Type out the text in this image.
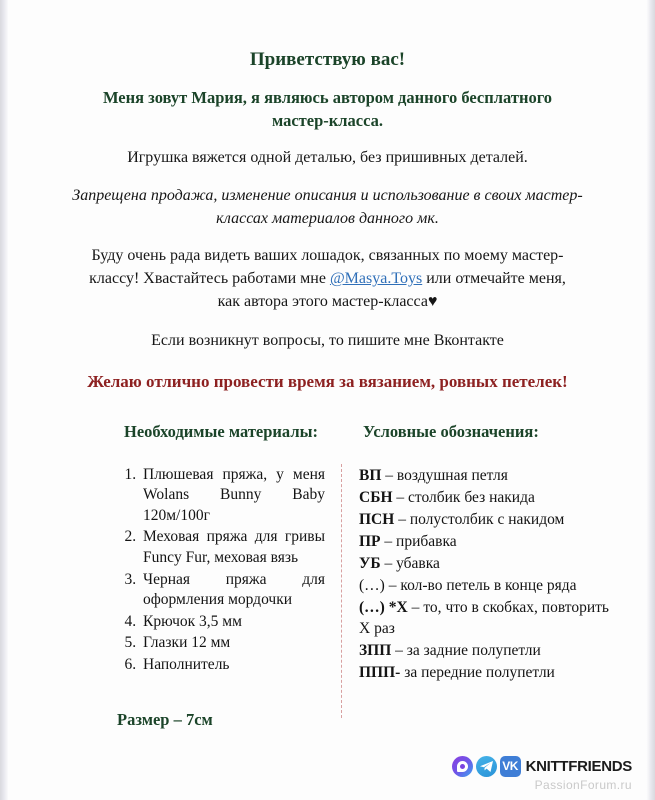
Приветствую вас!

Меня зовут Мария, я являюсь автором данного бесплатного мастер-класса.

Игрушка вяжется одной деталью, без пришивных деталей.

Запрещена продажа, изменение описания и использование в своих мастер-классах материалов данного мк.

Буду очень рада видеть ваших лошадок, связанных по моему мастер-классу! Хвастайтесь работами мне @Masya.Toys или отмечайте меня, как автора этого мастер-класса♥

Если возникнут вопросы, то пишите мне Вконтакте

Желаю отлично провести время за вязанием, ровных петелек!

Необходимые материалы:
1. Плюшевая пряжа, у меня Wolans Bunny Baby 120м/100г
2. Меховая пряжа для гривы Funcy Fur, меховая вязь
3. Черная пряжа для оформления мордочки
4. Крючок 3,5 мм
5. Глазки 12 мм
6. Наполнитель
Условные обозначения:
ВП – воздушная петля
СБН – столбик без накида
ПСН – полустолбик с накидом
ПР – прибавка
УБ – убавка
(…) – кол-во петель в конце ряда
(…) *X – то, что в скобках, повторить X раз
ЗПП – за задние полупетли
ППП- за передние полупетли
Размер – 7см
VK KNITTFRIENDS
PassionForum.ru
